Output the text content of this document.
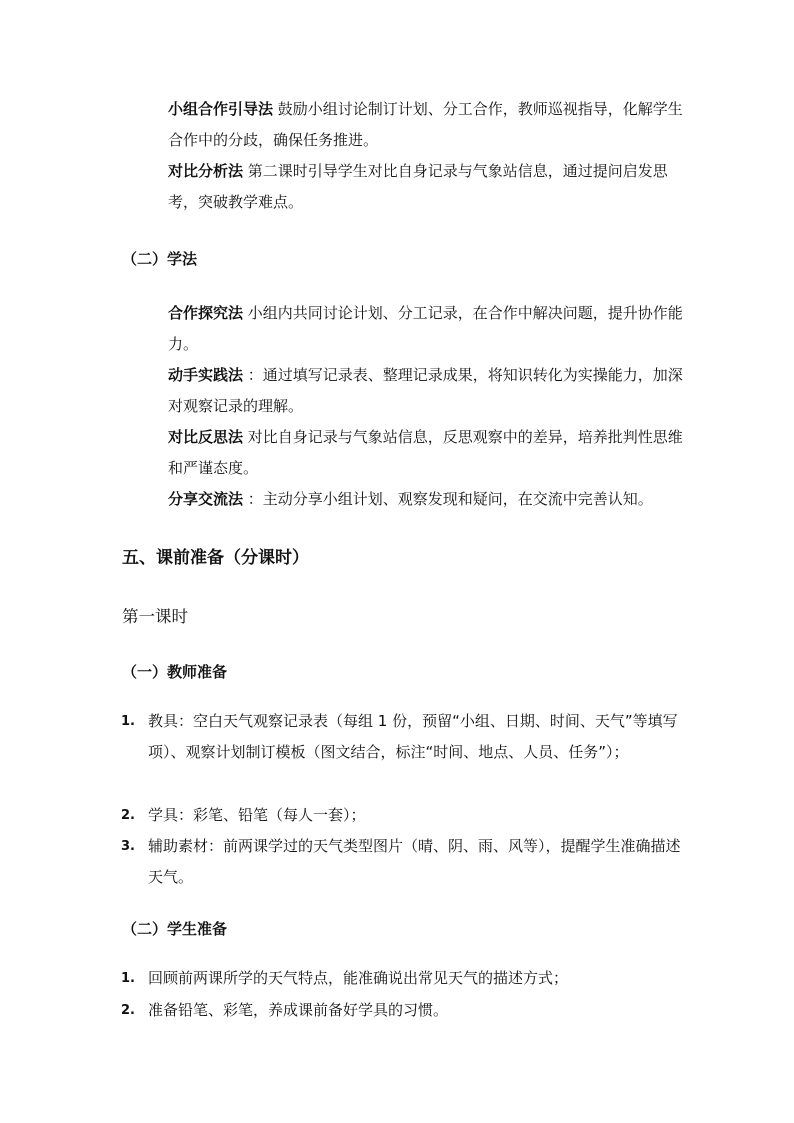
小组合作引导法 鼓励小组讨论制订计划、分工合作，教师巡视指导，化解学生合作中的分歧，确保任务推进。
对比分析法 第二课时引导学生对比自身记录与气象站信息，通过提问启发思考，突破教学难点。
（二）学法
合作探究法 小组内共同讨论计划、分工记录，在合作中解决问题，提升协作能力。
动手实践法 ：通过填写记录表、整理记录成果，将知识转化为实操能力，加深对观察记录的理解。
对比反思法 对比自身记录与气象站信息，反思观察中的差异，培养批判性思维和严谨态度。
分享交流法 ：主动分享小组计划、观察发现和疑问，在交流中完善认知。
五、课前准备（分课时）
第一课时
（一）教师准备
1. 教具：空白天气观察记录表（每组 1 份，预留“小组、日期、时间、天气”等填写项）、观察计划制订模板（图文结合，标注“时间、地点、人员、任务”）；
2. 学具：彩笔、铅笔（每人一套）；
3. 辅助素材：前两课学过的天气类型图片（晴、阴、雨、风等），提醒学生准确描述天气。
（二）学生准备
1. 回顾前两课所学的天气特点，能准确说出常见天气的描述方式；
2. 准备铅笔、彩笔，养成课前备好学具的习惯。
